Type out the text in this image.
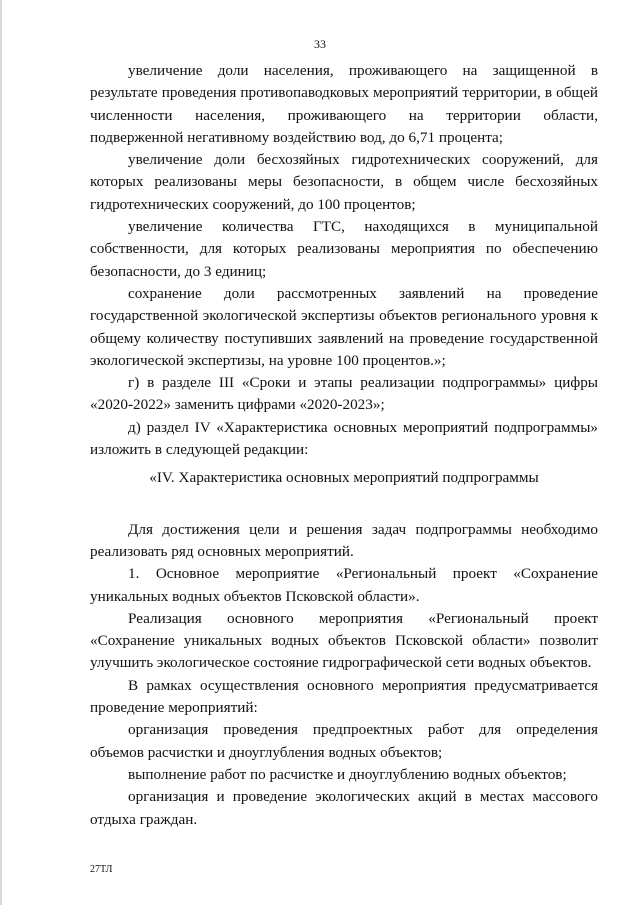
33

увеличение доли населения, проживающего на защищенной в результате проведения противопаводковых мероприятий территории, в общей численности населения, проживающего на территории области, подверженной негативному воздействию вод, до 6,71 процента;

увеличение доли бесхозяйных гидротехнических сооружений, для которых реализованы меры безопасности, в общем числе бесхозяйных гидротехнических сооружений, до 100 процентов;

увеличение количества ГТС, находящихся в муниципальной собственности, для которых реализованы мероприятия по обеспечению безопасности, до 3 единиц;

сохранение доли рассмотренных заявлений на проведение государственной экологической экспертизы объектов регионального уровня к общему количеству поступивших заявлений на проведение государственной экологической экспертизы, на уровне 100 процентов.»;

г) в разделе III «Сроки и этапы реализации подпрограммы» цифры «2020-2022» заменить цифрами «2020-2023»;

д) раздел IV «Характеристика основных мероприятий подпрограммы» изложить в следующей редакции:

«IV. Характеристика основных мероприятий подпрограммы

Для достижения цели и решения задач подпрограммы необходимо реализовать ряд основных мероприятий.

1. Основное мероприятие «Региональный проект «Сохранение уникальных водных объектов Псковской области».

Реализация основного мероприятия «Региональный проект «Сохранение уникальных водных объектов Псковской области» позволит улучшить экологическое состояние гидрографической сети водных объектов.

В рамках осуществления основного мероприятия предусматривается проведение мероприятий:

организация проведения предпроектных работ для определения объемов расчистки и дноуглубления водных объектов;

выполнение работ по расчистке и дноуглублению водных объектов;

организация и проведение экологических акций в местах массового отдыха граждан.

27ТЛ
